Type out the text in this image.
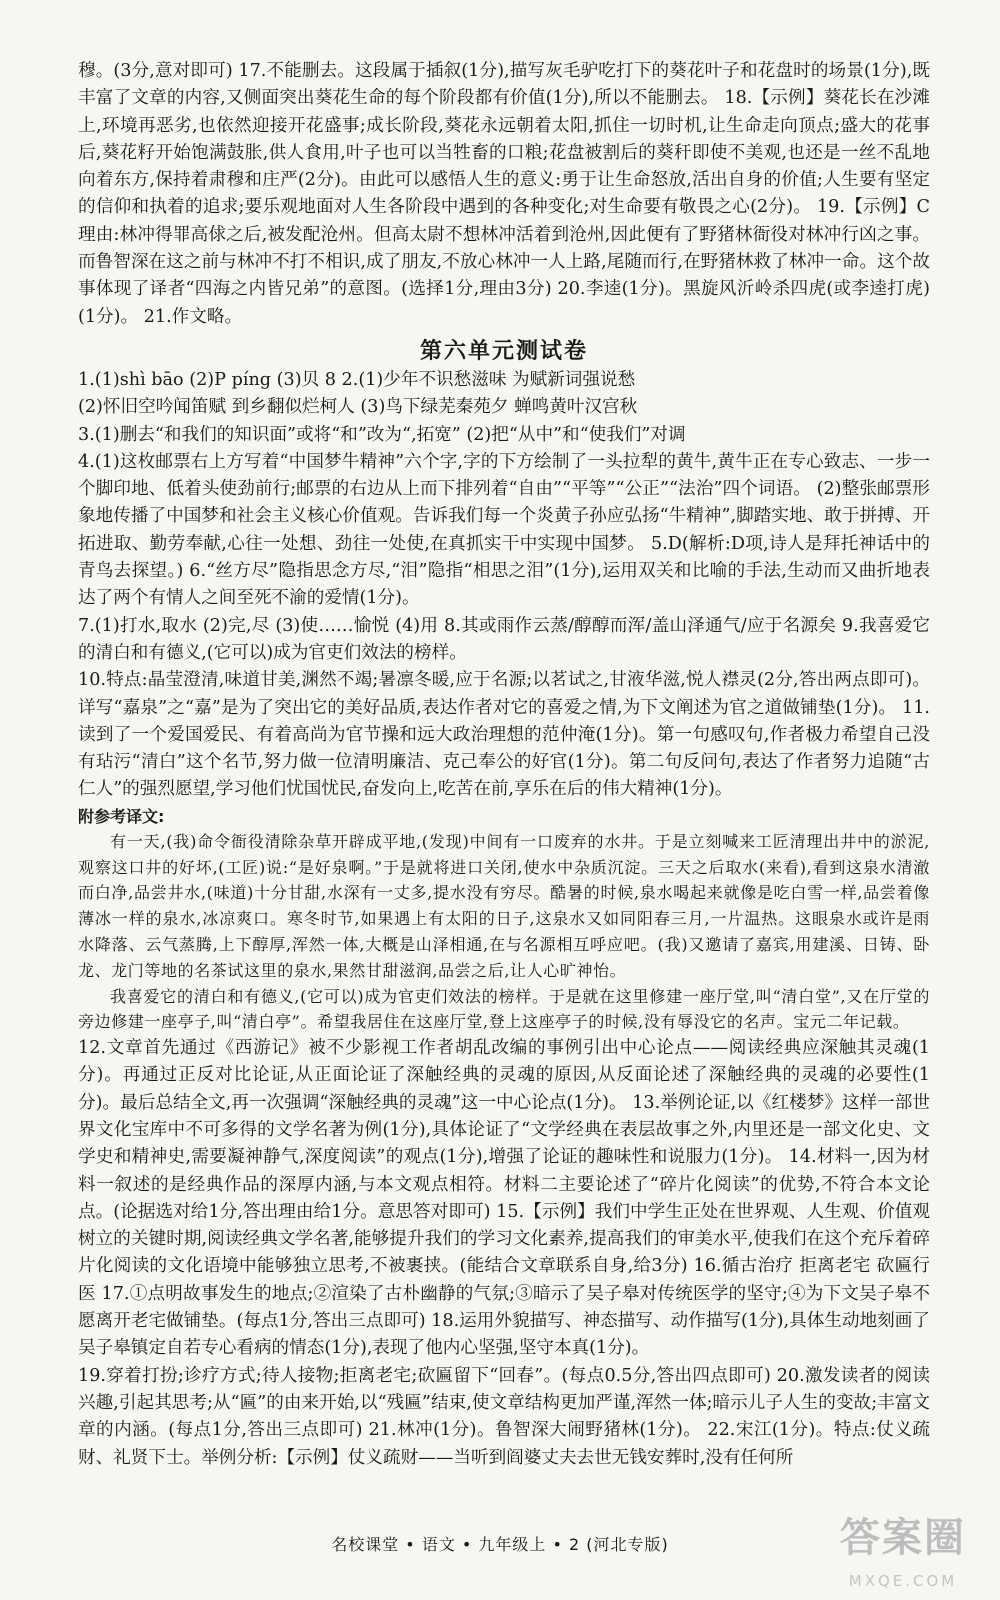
穆。(3分,意对即可) 17.不能删去。这段属于插叙(1分),描写灰毛驴吃打下的葵花叶子和花盘时的场景(1分),既丰富了文章的内容,又侧面突出葵花生命的每个阶段都有价值(1分),所以不能删去。 18.【示例】葵花长在沙滩上,环境再恶劣,也依然迎接开花盛事;成长阶段,葵花永远朝着太阳,抓住一切时机,让生命走向顶点;盛大的花事后,葵花籽开始饱满鼓胀,供人食用,叶子也可以当牲畜的口粮;花盘被割后的葵秆即使不美观,也还是一丝不乱地向着东方,保持着肃穆和庄严(2分)。由此可以感悟人生的意义:勇于让生命怒放,活出自身的价值;人生要有坚定的信仰和执着的追求;要乐观地面对人生各阶段中遇到的各种变化;对生命要有敬畏之心(2分)。 19.【示例】C 理由:林冲得罪高俅之后,被发配沧州。但高太尉不想林冲活着到沧州,因此便有了野猪林衙役对林冲行凶之事。而鲁智深在这之前与林冲不打不相识,成了朋友,不放心林冲一人上路,尾随而行,在野猪林救了林冲一命。这个故事体现了译者“四海之内皆兄弟”的意图。(选择1分,理由3分) 20.李逵(1分)。黑旋风沂岭杀四虎(或李逵打虎)(1分)。 21.作文略。

第六单元测试卷

1.(1)shì bāo (2)P píng (3)贝 8 2.(1)少年不识愁滋味 为赋新词强说愁

(2)怀旧空吟闻笛赋 到乡翻似烂柯人 (3)鸟下绿芜秦苑夕 蝉鸣黄叶汉宫秋

3.(1)删去“和我们的知识面”或将“和”改为“,拓宽” (2)把“从中”和“使我们”对调

4.(1)这枚邮票右上方写着“中国梦牛精神”六个字,字的下方绘制了一头拉犁的黄牛,黄牛正在专心致志、一步一个脚印地、低着头使劲前行;邮票的右边从上而下排列着“自由”“平等”“公正”“法治”四个词语。 (2)整张邮票形象地传播了中国梦和社会主义核心价值观。告诉我们每一个炎黄子孙应弘扬“牛精神”,脚踏实地、敢于拼搏、开拓进取、勤劳奉献,心往一处想、劲往一处使,在真抓实干中实现中国梦。 5.D(解析:D项,诗人是拜托神话中的青鸟去探望。) 6.“丝方尽”隐指思念方尽,“泪”隐指“相思之泪”(1分),运用双关和比喻的手法,生动而又曲折地表达了两个有情人之间至死不渝的爱情(1分)。

7.(1)打水,取水 (2)完,尽 (3)使……愉悦 (4)用 8.其或雨作云蒸/醇醇而浑/盖山泽通气/应于名源矣 9.我喜爱它的清白和有德义,(它可以)成为官吏们效法的榜样。

10.特点:晶莹澄清,味道甘美,渊然不竭;暑凛冬暖,应于名源;以茗试之,甘液华滋,悦人襟灵(2分,答出两点即可)。详写“嘉泉”之“嘉”是为了突出它的美好品质,表达作者对它的喜爱之情,为下文阐述为官之道做铺垫(1分)。 11.读到了一个爱国爱民、有着高尚为官节操和远大政治理想的范仲淹(1分)。第一句感叹句,作者极力希望自己没有玷污“清白”这个名节,努力做一位清明廉洁、克己奉公的好官(1分)。第二句反问句,表达了作者努力追随“古仁人”的强烈愿望,学习他们忧国忧民,奋发向上,吃苦在前,享乐在后的伟大精神(1分)。

附参考译文:

有一天,(我)命令衙役清除杂草开辟成平地,(发现)中间有一口废弃的水井。于是立刻喊来工匠清理出井中的淤泥,观察这口井的好坏,(工匠)说:“是好泉啊。”于是就将进口关闭,使水中杂质沉淀。三天之后取水(来看),看到这泉水清澈而白净,品尝井水,(味道)十分甘甜,水深有一丈多,提水没有穷尽。酷暑的时候,泉水喝起来就像是吃白雪一样,品尝着像薄冰一样的泉水,冰凉爽口。寒冬时节,如果遇上有太阳的日子,这泉水又如同阳春三月,一片温热。这眼泉水或许是雨水降落、云气蒸腾,上下醇厚,浑然一体,大概是山泽相通,在与名源相互呼应吧。(我)又邀请了嘉宾,用建溪、日铸、卧龙、龙门等地的名茶试这里的泉水,果然甘甜滋润,品尝之后,让人心旷神怡。

我喜爱它的清白和有德义,(它可以)成为官吏们效法的榜样。于是就在这里修建一座厅堂,叫“清白堂”,又在厅堂的旁边修建一座亭子,叫“清白亭”。希望我居住在这座厅堂,登上这座亭子的时候,没有辱没它的名声。宝元二年记载。

12.文章首先通过《西游记》被不少影视工作者胡乱改编的事例引出中心论点——阅读经典应深触其灵魂(1分)。再通过正反对比论证,从正面论证了深触经典的灵魂的原因,从反面论述了深触经典的灵魂的必要性(1分)。最后总结全文,再一次强调“深触经典的灵魂”这一中心论点(1分)。 13.举例论证,以《红楼梦》这样一部世界文化宝库中不可多得的文学名著为例(1分),具体论证了“文学经典在表层故事之外,内里还是一部文化史、文学史和精神史,需要凝神静气,深度阅读”的观点(1分),增强了论证的趣味性和说服力(1分)。 14.材料一,因为材料一叙述的是经典作品的深厚内涵,与本文观点相符。材料二主要论述了“碎片化阅读”的优势,不符合本文论点。(论据选对给1分,答出理由给1分。意思答对即可) 15.【示例】我们中学生正处在世界观、人生观、价值观树立的关键时期,阅读经典文学名著,能够提升我们的学习文化素养,提高我们的审美水平,使我们在这个充斥着碎片化阅读的文化语境中能够独立思考,不被裹挟。(能结合文章联系自身,给3分) 16.循古治疗 拒离老宅 砍匾行医 17.①点明故事发生的地点;②渲染了古朴幽静的气氛;③暗示了吴子皋对传统医学的坚守;④为下文吴子皋不愿离开老宅做铺垫。(每点1分,答出三点即可) 18.运用外貌描写、神态描写、动作描写(1分),具体生动地刻画了吴子皋镇定自若专心看病的情态(1分),表现了他内心坚强,坚守本真(1分)。

19.穿着打扮;诊疗方式;待人接物;拒离老宅;砍匾留下“回春”。(每点0.5分,答出四点即可) 20.激发读者的阅读兴趣,引起其思考;从“匾”的由来开始,以“残匾”结束,使文章结构更加严谨,浑然一体;暗示儿子人生的变故;丰富文章的内涵。(每点1分,答出三点即可) 21.林冲(1分)。鲁智深大闹野猪林(1分)。 22.宋江(1分)。特点:仗义疏财、礼贤下士。举例分析:【示例】仗义疏财——当听到阎婆丈夫去世无钱安葬时,没有任何所

名校课堂 • 语文 • 九年级上 • 2 (河北专版)	答案圈
MXQE.COM
